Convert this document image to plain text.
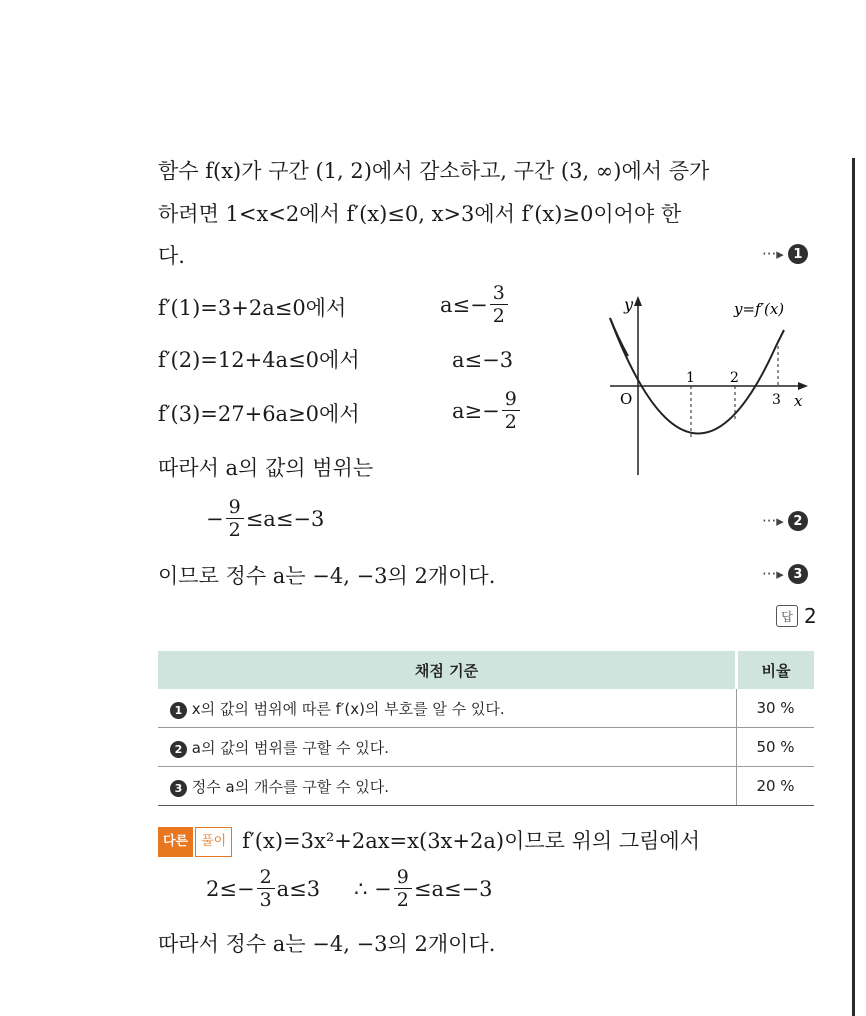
함수 f(x)가 구간 (1, 2)에서 감소하고, 구간 (3, ∞)에서 증가
하려면 1<x<2에서 f′(x)≤0, x>3에서 f′(x)≥0이어야 한
다.	···▸ 1
f′(1)=3+2a≤0에서	$a\le- \frac{3}{2}$
f′(2)=12+4a≤0에서	a≤−3
f′(3)=27+6a≥0에서	$a\ge- \frac{9}{2}$
y
O
1	2
3 x
y=f′(x)
따라서 a의 값의 범위는
− $\frac{9}{2} \le a\le-3$	···▸ 2
이므로 정수 a는 −4, −3의 2개이다.	···▸ 3
답 2
채점 기준	비율
1 x의 값의 범위에 따른 f′(x)의 부호를 알 수 있다.	30 %
2 a의 값의 범위를 구할 수 있다.	50 %
3 정수 a의 개수를 구할 수 있다.	20 %
다른 풀이 f′(x)=3x²+2ax=x(3x+2a)이므로 위의 그림에서
$2\le- \frac{2}{3} a\le 3$ ∴ − $\frac{9}{2} \le a\le-3$
따라서 정수 a는 −4, −3의 2개이다.
